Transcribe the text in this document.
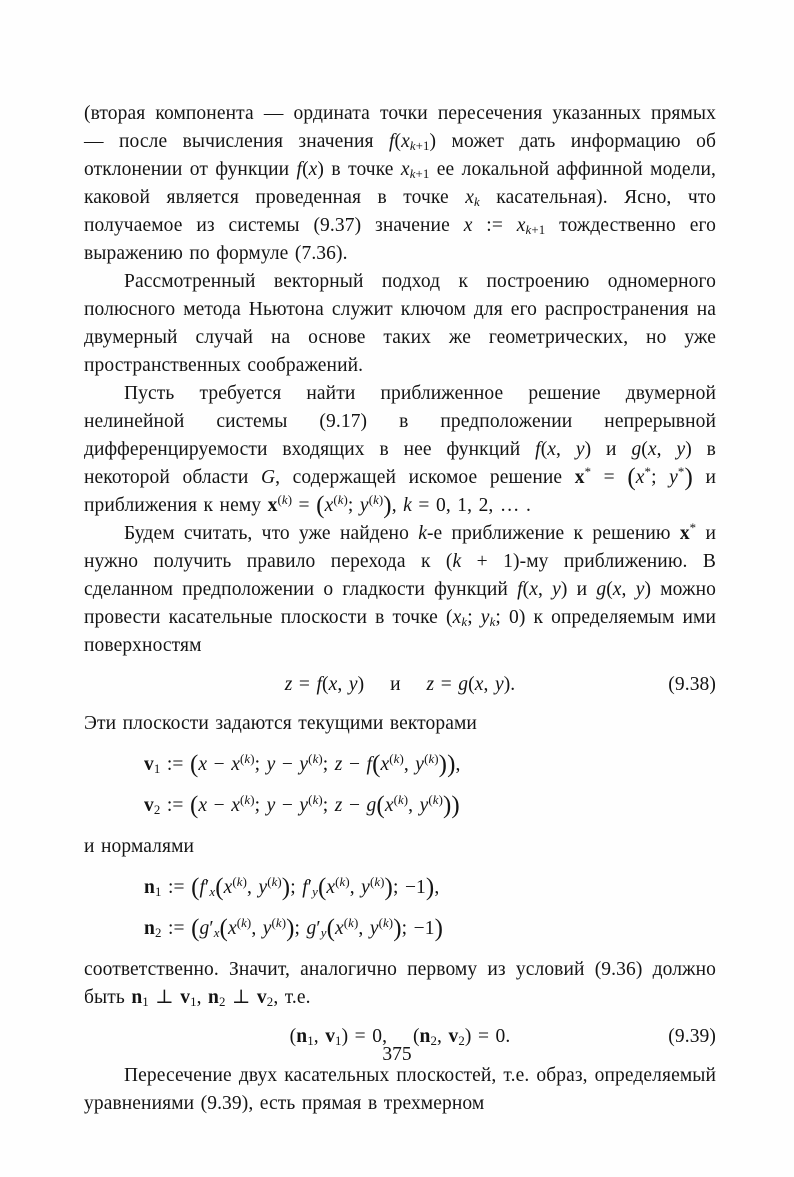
(вторая компонента — ордината точки пересечения указанных прямых — после вычисления значения $f(x_{k+1})$ может дать информацию об отклонении от функции f(x) в точке $x_{k+1}$ ее локальной аффинной модели, каковой является проведенная в точке $x_k$ касательная). Ясно, что получаемое из системы (9.37) значение x := $x_{k+1}$ тождественно его выражению по формуле (7.36).

Рассмотренный векторный подход к построению одномерного полюсного метода Ньютона служит ключом для его распространения на двумерный случай на основе таких же геометрических, но уже пространственных соображений.

Пусть требуется найти приближенное решение двумерной нелинейной системы (9.17) в предположении непрерывной дифференцируемости входящих в нее функций f(x, y) и g(x, y) в некоторой области G, содержащей искомое решение x* = (x*; y*) и приближения к нему $x^{(k)} = (x^{(k)}$; $y^{(k)}$), k = 0, 1, 2, … .

Будем считать, что уже найдено k-е приближение к решению x* и нужно получить правило перехода к (k + 1)-му приближению. В сделанном предположении о гладкости функций f(x, y) и g(x, y) можно провести касательные плоскости в точке ($x_k$; $y_k$; 0) к определяемым ими поверхностям

z = f(x, y)    и    z = g(x, y).	(9.38)

Эти плоскости задаются текущими векторами

$v_1$ := ($x - x^{(k)}$; $y - y^{(k)}$; $z - f(x^{(k)}$, $y^{(k)}$)),
$v_2$ := ($x - x^{(k)}$; $y - y^{(k)}$; $z - g(x^{(k)}$, $y^{(k)}$))

и нормалями

$n_1$ := ($f'_x(x^{(k)}$, $y^{(k)}$); $f'_y(x^{(k)}$, $y^{(k)}$); −1),
$n_2$ := ($g'_x(x^{(k)}$, $y^{(k)}$); $g'_y(x^{(k)}$, $y^{(k)}$); −1)

соответственно. Значит, аналогично первому из условий (9.36) должно быть $n_1$ ⊥ $v_1$, $n_2$ ⊥ $v_2$, т.е.

($n_1$, $v_1) = 0$,    ($n_2$, $v_2) = 0$.	(9.39)

Пересечение двух касательных плоскостей, т.е. образ, определяемый уравнениями (9.39), есть прямая в трехмерном

375
